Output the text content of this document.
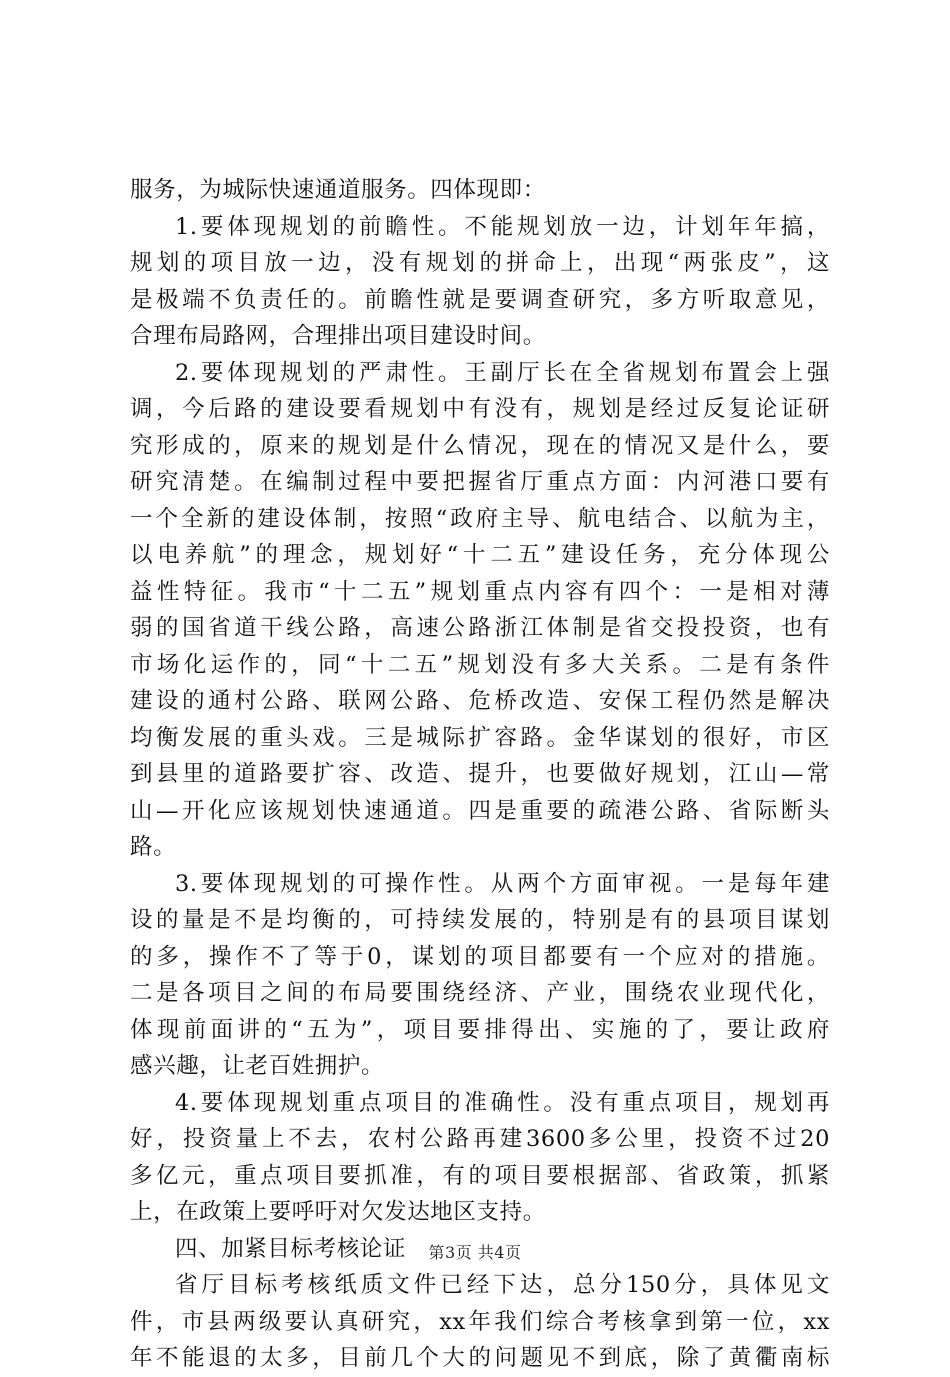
服务，为城际快速通道服务。四体现即：
1.要体现规划的前瞻性。不能规划放一边，计划年年搞，
规划的项目放一边，没有规划的拼命上，出现“两张皮”，这
是极端不负责任的。前瞻性就是要调查研究，多方听取意见，
合理布局路网，合理排出项目建设时间。
2.要体现规划的严肃性。王副厅长在全省规划布置会上强
调，今后路的建设要看规划中有没有，规划是经过反复论证研
究形成的，原来的规划是什么情况，现在的情况又是什么，要
研究清楚。在编制过程中要把握省厅重点方面：内河港口要有
一个全新的建设体制，按照“政府主导、航电结合、以航为主，
以电养航”的理念，规划好“十二五”建设任务，充分体现公
益性特征。我市“十二五”规划重点内容有四个：一是相对薄
弱的国省道干线公路，高速公路浙江体制是省交投投资，也有
市场化运作的，同“十二五”规划没有多大关系。二是有条件
建设的通村公路、联网公路、危桥改造、安保工程仍然是解决
均衡发展的重头戏。三是城际扩容路。金华谋划的很好，市区
到县里的道路要扩容、改造、提升，也要做好规划，江山—常
山—开化应该规划快速通道。四是重要的疏港公路、省际断头
路。
3.要体现规划的可操作性。从两个方面审视。一是每年建
设的量是不是均衡的，可持续发展的，特别是有的县项目谋划
的多，操作不了等于0，谋划的项目都要有一个应对的措施。
二是各项目之间的布局要围绕经济、产业，围绕农业现代化，
体现前面讲的“五为”，项目要排得出、实施的了，要让政府
感兴趣，让老百姓拥护。
4.要体现规划重点项目的准确性。没有重点项目，规划再
好，投资量上不去，农村公路再建3600多公里，投资不过20
多亿元，重点项目要抓准，有的项目要根据部、省政策，抓紧
上，在政策上要呼吁对欠发达地区支持。
四、加紧目标考核论证
省厅目标考核纸质文件已经下达，总分150分，具体见文
件，市县两级要认真研究，xx年我们综合考核拿到第一位，xx
年不能退的太多，目前几个大的问题见不到底，除了黄衢南标
第3页 共4页
